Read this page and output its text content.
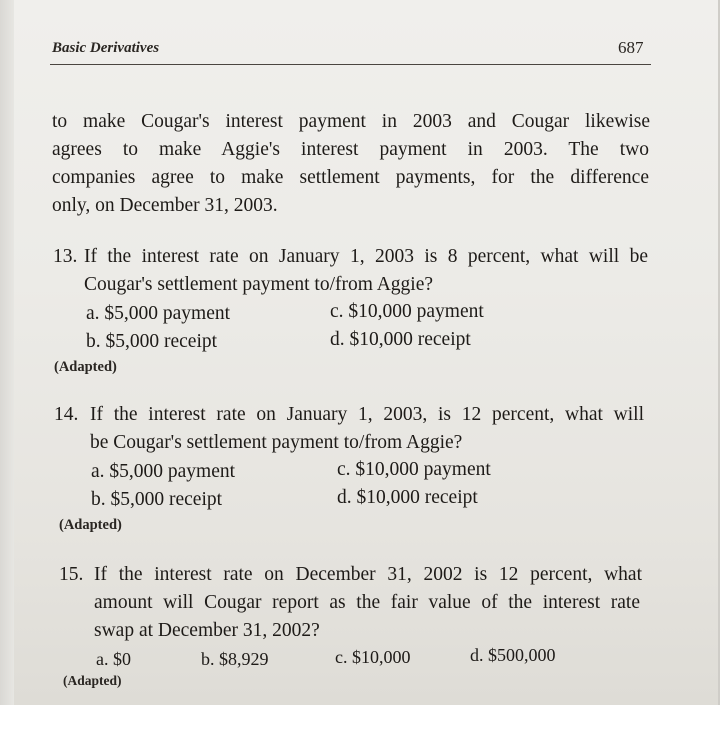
Basic Derivatives	687
to make Cougar's interest payment in 2003 and Cougar likewise
agrees to make Aggie's interest payment in 2003. The two
companies agree to make settlement payments, for the difference
only, on December 31, 2003.
13. If the interest rate on January 1, 2003 is 8 percent, what will be
Cougar's settlement payment to/from Aggie?
a. $5,000 payment	c. $10,000 payment
b. $5,000 receipt	d. $10,000 receipt
(Adapted)
14. If the interest rate on January 1, 2003, is 12 percent, what will
be Cougar's settlement payment to/from Aggie?
a. $5,000 payment	c. $10,000 payment
b. $5,000 receipt	d. $10,000 receipt
(Adapted)
15. If the interest rate on December 31, 2002 is 12 percent, what
amount will Cougar report as the fair value of the interest rate
swap at December 31, 2002?
a. $0	b. $8,929	c. $10,000	d. $500,000
(Adapted)
